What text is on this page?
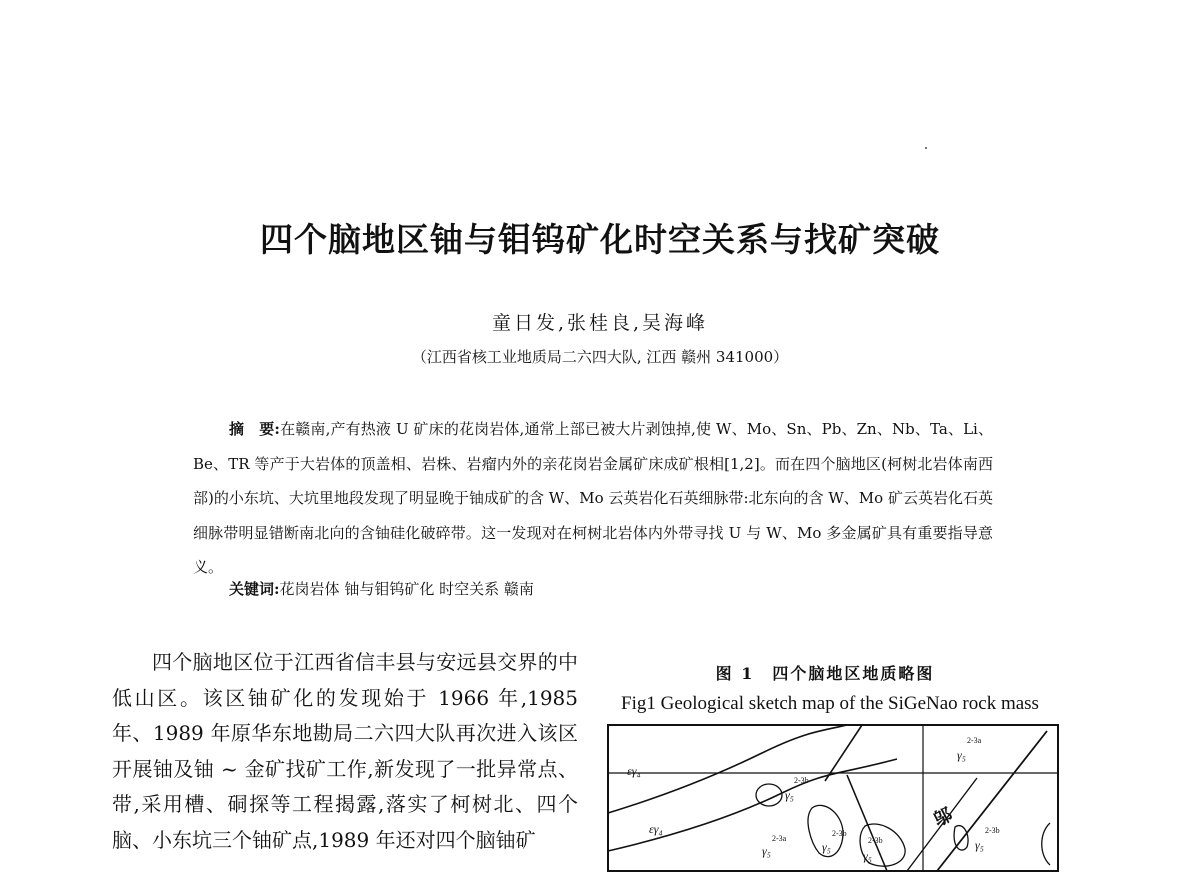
四个脑地区铀与钼钨矿化时空关系与找矿突破
童日发,张桂良,吴海峰
（江西省核工业地质局二六四大队, 江西 赣州 341000）
摘　要:在赣南,产有热液 U 矿床的花岗岩体,通常上部已被大片剥蚀掉,使 W、Mo、Sn、Pb、Zn、Nb、Ta、Li、Be、TR 等产于大岩体的顶盖相、岩株、岩瘤内外的亲花岗岩金属矿床成矿根相[1,2]。而在四个脑地区(柯树北岩体南西部)的小东坑、大坑里地段发现了明显晚于铀成矿的含 W、Mo 云英岩化石英细脉带:北东向的含 W、Mo 矿云英岩化石英细脉带明显错断南北向的含铀硅化破碎带。这一发现对在柯树北岩体内外带寻找 U 与 W、Mo 多金属矿具有重要指导意义。
关键词:花岗岩体 铀与钼钨矿化 时空关系 赣南

四个脑地区位于江西省信丰县与安远县交界的中低山区。该区铀矿化的发现始于 1966 年,1985 年、1989 年原华东地勘局二六四大队再次进入该区开展铀及铀 ~ 金矿找矿工作,新发现了一批异常点、带,采用槽、硐探等工程揭露,落实了柯树北、四个脑、小东坑三个铀矿点,1989 年还对四个脑铀矿

图 1　四个脑地区地质略图
Fig1 Geological sketch map of the SiGeNao rock mass
εγ₄
εγ₄
2-3b
γ₅
2-3a
γ₅
2-3b
γ₅	2-3b
γ₅
2-3a
γ₅
2-3b
γ₅
邬
